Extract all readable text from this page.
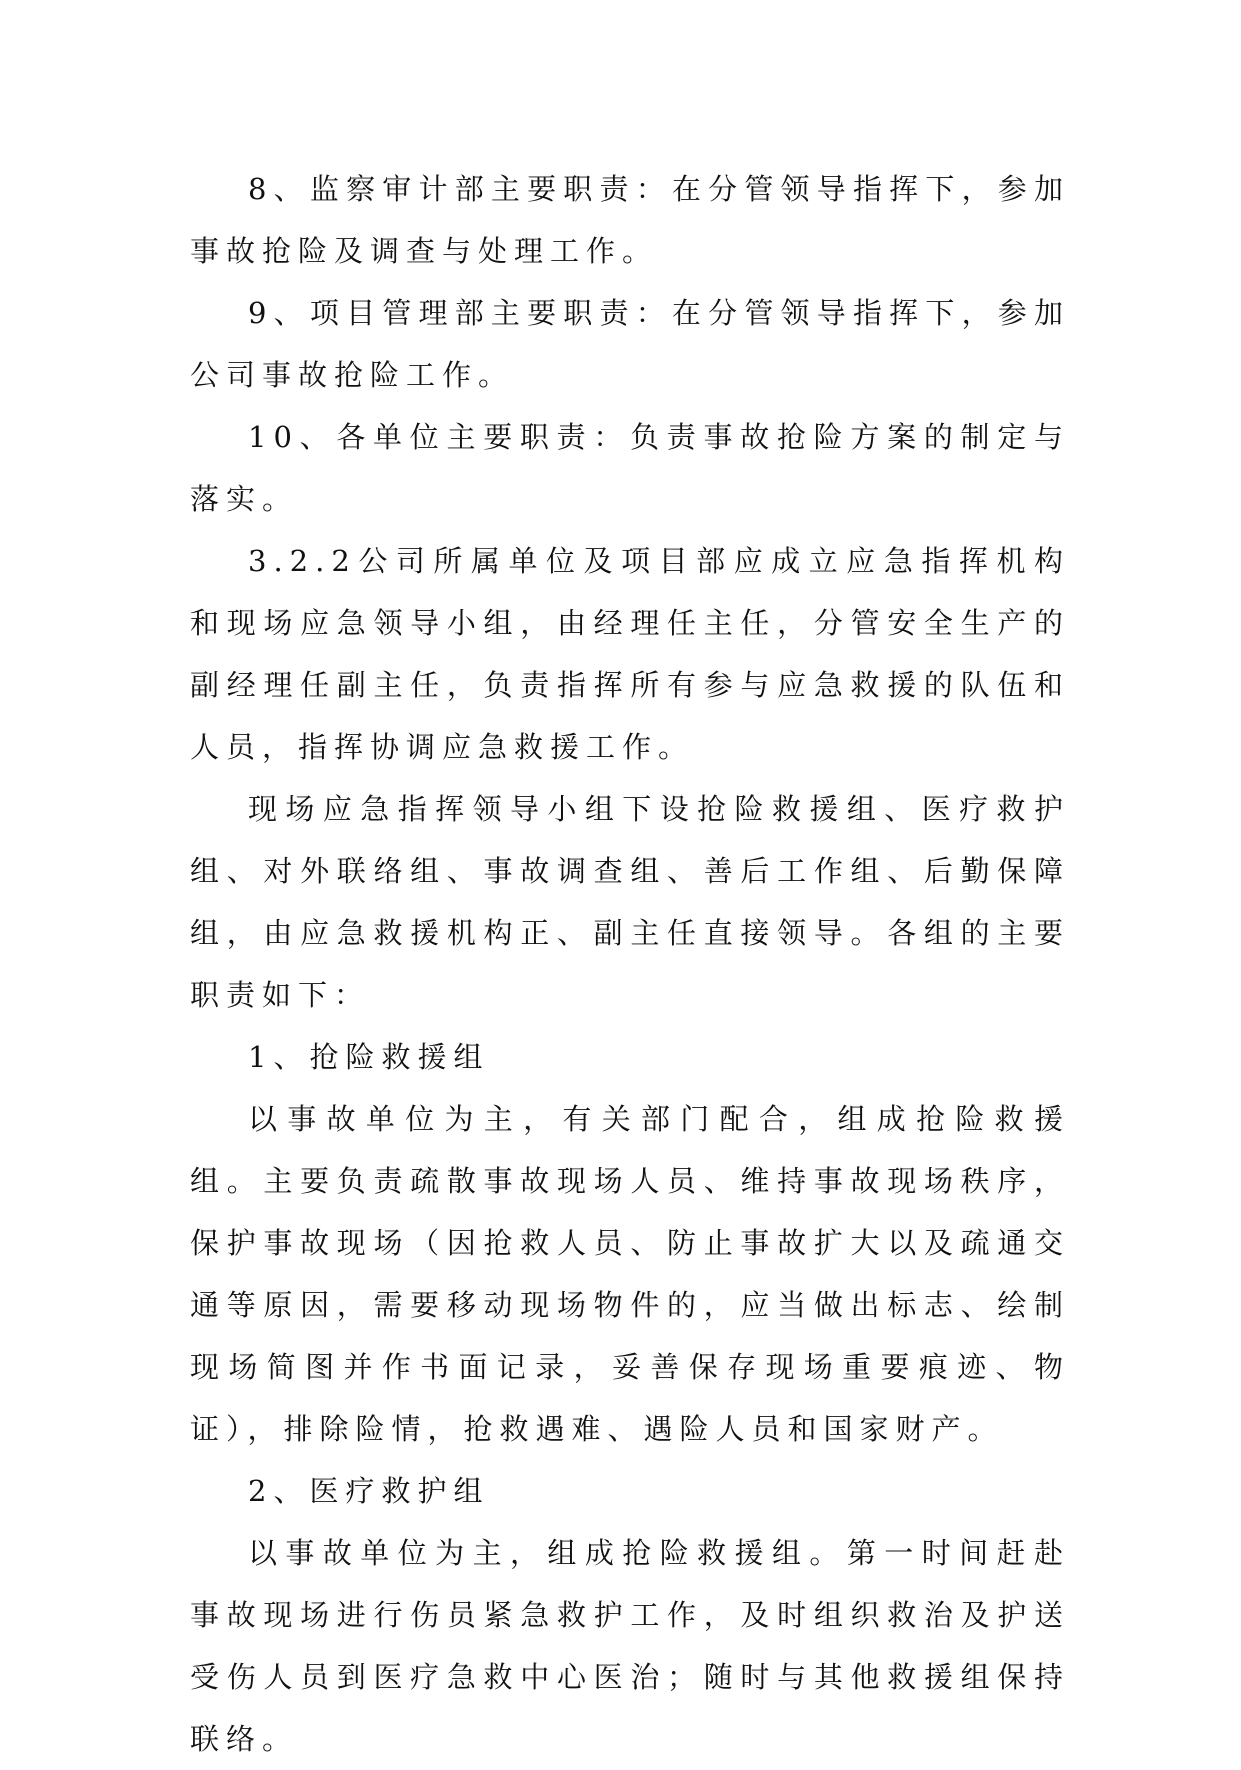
8、监察审计部主要职责：在分管领导指挥下，参加事故抢险及调查与处理工作。

9、项目管理部主要职责：在分管领导指挥下，参加公司事故抢险工作。

10、各单位主要职责：负责事故抢险方案的制定与落实。

3.2.2公司所属单位及项目部应成立应急指挥机构和现场应急领导小组，由经理任主任，分管安全生产的副经理任副主任，负责指挥所有参与应急救援的队伍和人员，指挥协调应急救援工作。

现场应急指挥领导小组下设抢险救援组、医疗救护组、对外联络组、事故调查组、善后工作组、后勤保障组，由应急救援机构正、副主任直接领导。各组的主要职责如下：

1、抢险救援组

以事故单位为主，有关部门配合，组成抢险救援组。主要负责疏散事故现场人员、维持事故现场秩序，保护事故现场（因抢救人员、防止事故扩大以及疏通交通等原因，需要移动现场物件的，应当做出标志、绘制现场简图并作书面记录，妥善保存现场重要痕迹、物证），排除险情，抢救遇难、遇险人员和国家财产。

2、医疗救护组

以事故单位为主，组成抢险救援组。第一时间赶赴事故现场进行伤员紧急救护工作，及时组织救治及护送受伤人员到医疗急救中心医治；随时与其他救援组保持联络。
